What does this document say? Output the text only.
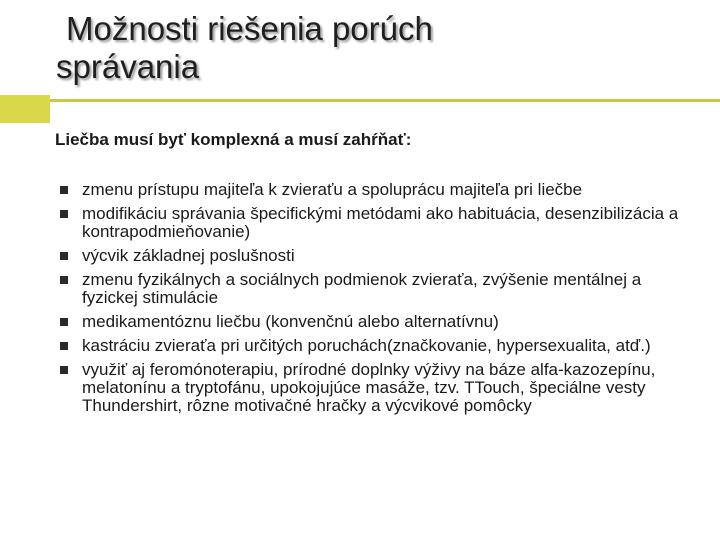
Možnosti riešenia porúch
správania
Liečba musí byť komplexná a musí zahŕňať:
zmenu prístupu majiteľa k zvieraťu a spoluprácu majiteľa pri liečbe
modifikáciu správania špecifickými metódami ako habituácia, desenzibilizácia a kontrapodmieňovanie)
výcvik základnej poslušnosti
zmenu fyzikálnych a sociálnych podmienok zvieraťa, zvýšenie mentálnej a fyzickej stimulácie
medikamentóznu liečbu (konvenčnú alebo alternatívnu)
kastráciu zvieraťa pri určitých poruchách(značkovanie, hypersexualita, atď.)
využiť aj feromónoterapiu, prírodné doplnky výživy na báze alfa-kazozepínu, melatonínu a tryptofánu, upokojujúce masáže, tzv. TTouch, špeciálne vesty Thundershirt, rôzne motivačné hračky a výcvikové pomôcky
